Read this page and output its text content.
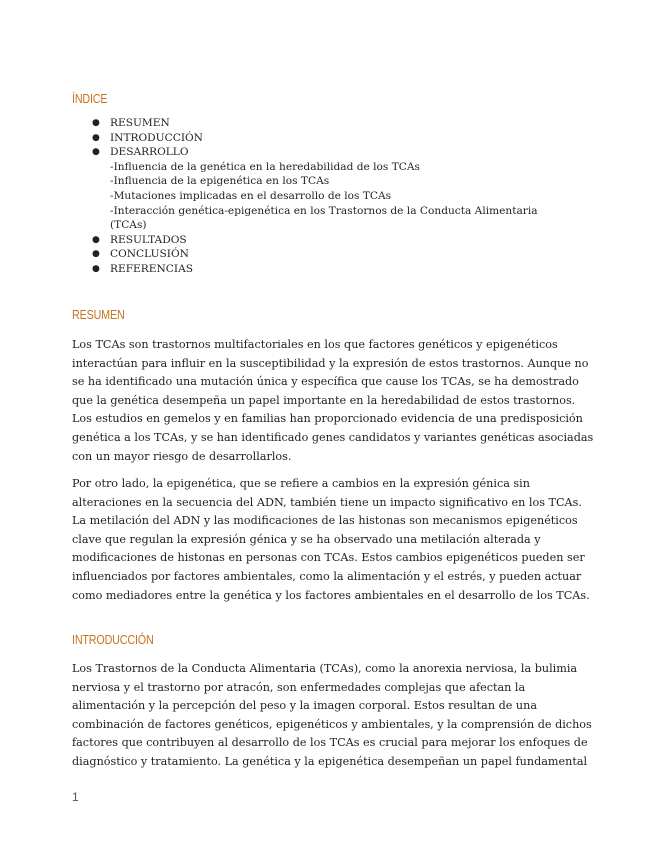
ÍNDICE
● RESUMEN
● INTRODUCCIÓN
● DESARROLLO
-Influencia de la genética en la heredabilidad de los TCAs
-Influencia de la epigenética en los TCAs
-Mutaciones implicadas en el desarrollo de los TCAs
-Interacción genética-epigenética en los Trastornos de la Conducta Alimentaria
(TCAs)
● RESULTADOS
● CONCLUSIÓN
● REFERENCIAS
RESUMEN
Los TCAs son trastornos multifactoriales en los que factores genéticos y epigenéticos
interactúan para influir en la susceptibilidad y la expresión de estos trastornos. Aunque no
se ha identificado una mutación única y específica que cause los TCAs, se ha demostrado
que la genética desempeña un papel importante en la heredabilidad de estos trastornos.
Los estudios en gemelos y en familias han proporcionado evidencia de una predisposición
genética a los TCAs, y se han identificado genes candidatos y variantes genéticas asociadas
con un mayor riesgo de desarrollarlos.
Por otro lado, la epigenética, que se refiere a cambios en la expresión génica sin
alteraciones en la secuencia del ADN, también tiene un impacto significativo en los TCAs.
La metilación del ADN y las modificaciones de las histonas son mecanismos epigenéticos
clave que regulan la expresión génica y se ha observado una metilación alterada y
modificaciones de histonas en personas con TCAs. Estos cambios epigenéticos pueden ser
influenciados por factores ambientales, como la alimentación y el estrés, y pueden actuar
como mediadores entre la genética y los factores ambientales en el desarrollo de los TCAs.
INTRODUCCIÓN
Los Trastornos de la Conducta Alimentaria (TCAs), como la anorexia nerviosa, la bulimia
nerviosa y el trastorno por atracón, son enfermedades complejas que afectan la
alimentación y la percepción del peso y la imagen corporal. Estos resultan de una
combinación de factores genéticos, epigenéticos y ambientales, y la comprensión de dichos
factores que contribuyen al desarrollo de los TCAs es crucial para mejorar los enfoques de
diagnóstico y tratamiento. La genética y la epigenética desempeñan un papel fundamental
1
